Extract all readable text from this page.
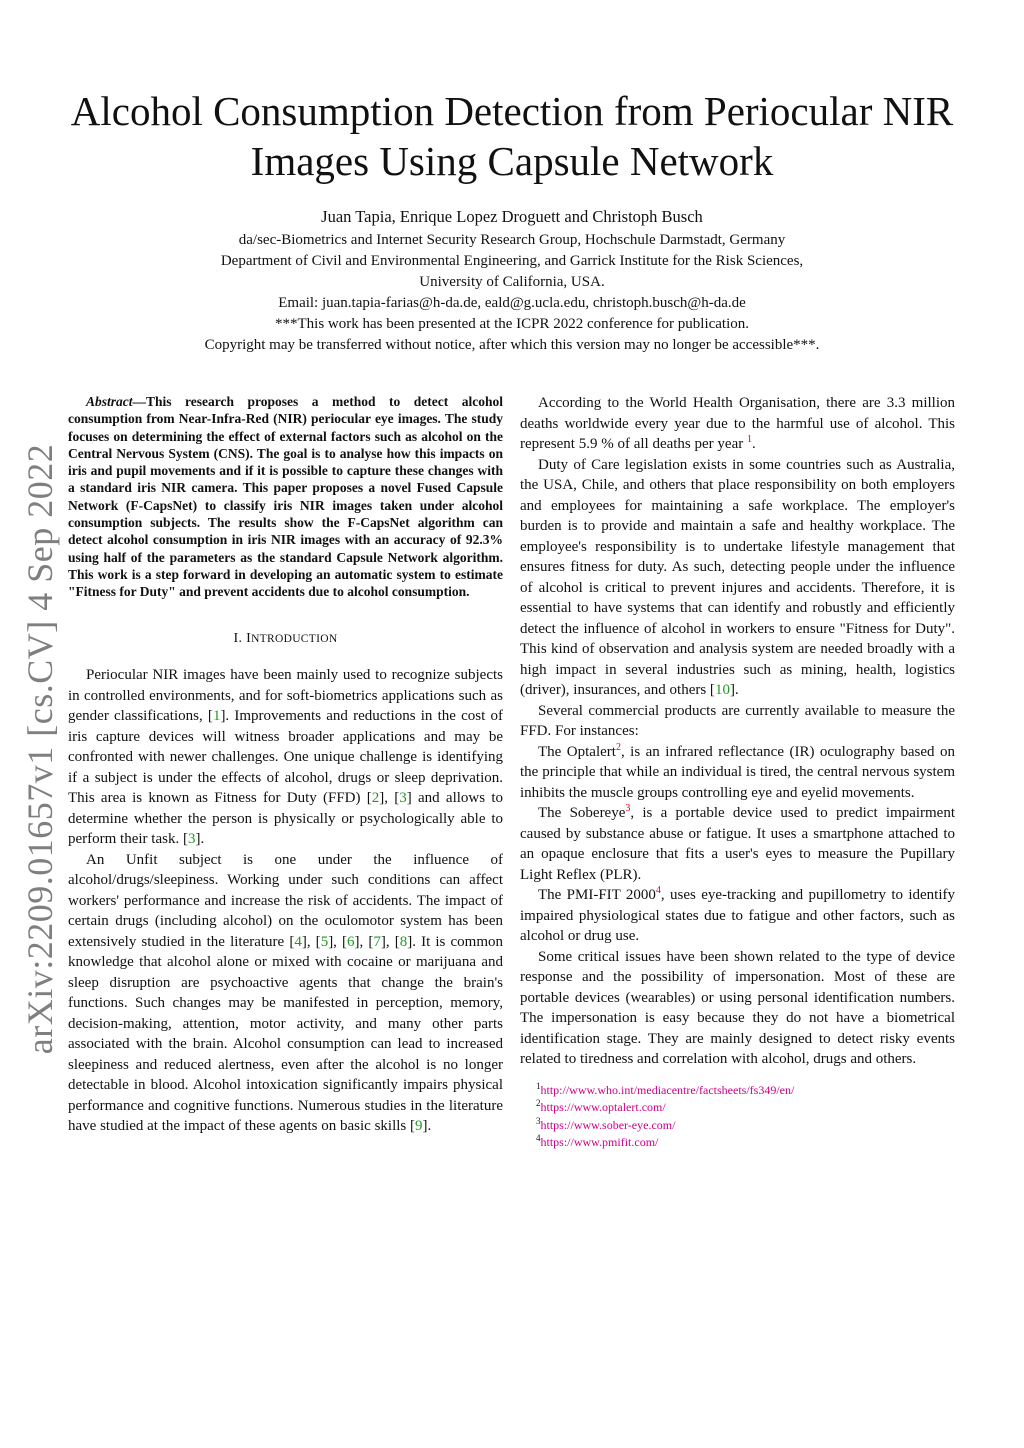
arXiv:2209.01657v1 [cs.CV] 4 Sep 2022
Alcohol Consumption Detection from Periocular NIR Images Using Capsule Network
Juan Tapia, Enrique Lopez Droguett and Christoph Busch
da/sec-Biometrics and Internet Security Research Group, Hochschule Darmstadt, Germany
Department of Civil and Environmental Engineering, and Garrick Institute for the Risk Sciences,
University of California, USA.
Email: juan.tapia-farias@h-da.de, eald@g.ucla.edu, christoph.busch@h-da.de
***This work has been presented at the ICPR 2022 conference for publication.
Copyright may be transferred without notice, after which this version may no longer be accessible***.

Abstract—This research proposes a method to detect alcohol consumption from Near-Infra-Red (NIR) periocular eye images. The study focuses on determining the effect of external factors such as alcohol on the Central Nervous System (CNS). The goal is to analyse how this impacts on iris and pupil movements and if it is possible to capture these changes with a standard iris NIR camera. This paper proposes a novel Fused Capsule Network (F-CapsNet) to classify iris NIR images taken under alcohol consumption subjects. The results show the F-CapsNet algorithm can detect alcohol consumption in iris NIR images with an accuracy of 92.3% using half of the parameters as the standard Capsule Network algorithm. This work is a step forward in developing an automatic system to estimate "Fitness for Duty" and prevent accidents due to alcohol consumption.

I. INTRODUCTION

Periocular NIR images have been mainly used to recognize subjects in controlled environments, and for soft-biometrics applications such as gender classifications, [1]. Improvements and reductions in the cost of iris capture devices will witness broader applications and may be confronted with newer challenges. One unique challenge is identifying if a subject is under the effects of alcohol, drugs or sleep deprivation. This area is known as Fitness for Duty (FFD) [2], [3] and allows to determine whether the person is physically or psychologically able to perform their task. [3].

An Unfit subject is one under the influence of alcohol/drugs/sleepiness. Working under such conditions can affect workers' performance and increase the risk of accidents. The impact of certain drugs (including alcohol) on the oculomotor system has been extensively studied in the literature [4], [5], [6], [7], [8]. It is common knowledge that alcohol alone or mixed with cocaine or marijuana and sleep disruption are psychoactive agents that change the brain's functions. Such changes may be manifested in perception, memory, decision-making, attention, motor activity, and many other parts associated with the brain. Alcohol consumption can lead to increased sleepiness and reduced alertness, even after the alcohol is no longer detectable in blood. Alcohol intoxication significantly impairs physical performance and cognitive functions. Numerous studies in the literature have studied at the impact of these agents on basic skills [9].

According to the World Health Organisation, there are 3.3 million deaths worldwide every year due to the harmful use of alcohol. This represent 5.9 % of all deaths per year $^1$.

Duty of Care legislation exists in some countries such as Australia, the USA, Chile, and others that place responsibility on both employers and employees for maintaining a safe workplace. The employer's burden is to provide and maintain a safe and healthy workplace. The employee's responsibility is to undertake lifestyle management that ensures fitness for duty. As such, detecting people under the influence of alcohol is critical to prevent injures and accidents. Therefore, it is essential to have systems that can identify and robustly and efficiently detect the influence of alcohol in workers to ensure "Fitness for Duty". This kind of observation and analysis system are needed broadly with a high impact in several industries such as mining, health, logistics (driver), insurances, and others [10].

Several commercial products are currently available to measure the FFD. For instances:

The Optalert$^2$, is an infrared reflectance (IR) oculography based on the principle that while an individual is tired, the central nervous system inhibits the muscle groups controlling eye and eyelid movements.

The Sobereye$^3$, is a portable device used to predict impairment caused by substance abuse or fatigue. It uses a smartphone attached to an opaque enclosure that fits a user's eyes to measure the Pupillary Light Reflex (PLR).

The PMI-FIT 2000$^4$, uses eye-tracking and pupillometry to identify impaired physiological states due to fatigue and other factors, such as alcohol or drug use.

Some critical issues have been shown related to the type of device response and the possibility of impersonation. Most of these are portable devices (wearables) or using personal identification numbers. The impersonation is easy because they do not have a biometrical identification stage. They are mainly designed to detect risky events related to tiredness and correlation with alcohol, drugs and others.

$^1$http://www.who.int/mediacentre/factsheets/fs349/en/
$^2$https://www.optalert.com/
$^3$https://www.sober-eye.com/
$^4$https://www.pmifit.com/
